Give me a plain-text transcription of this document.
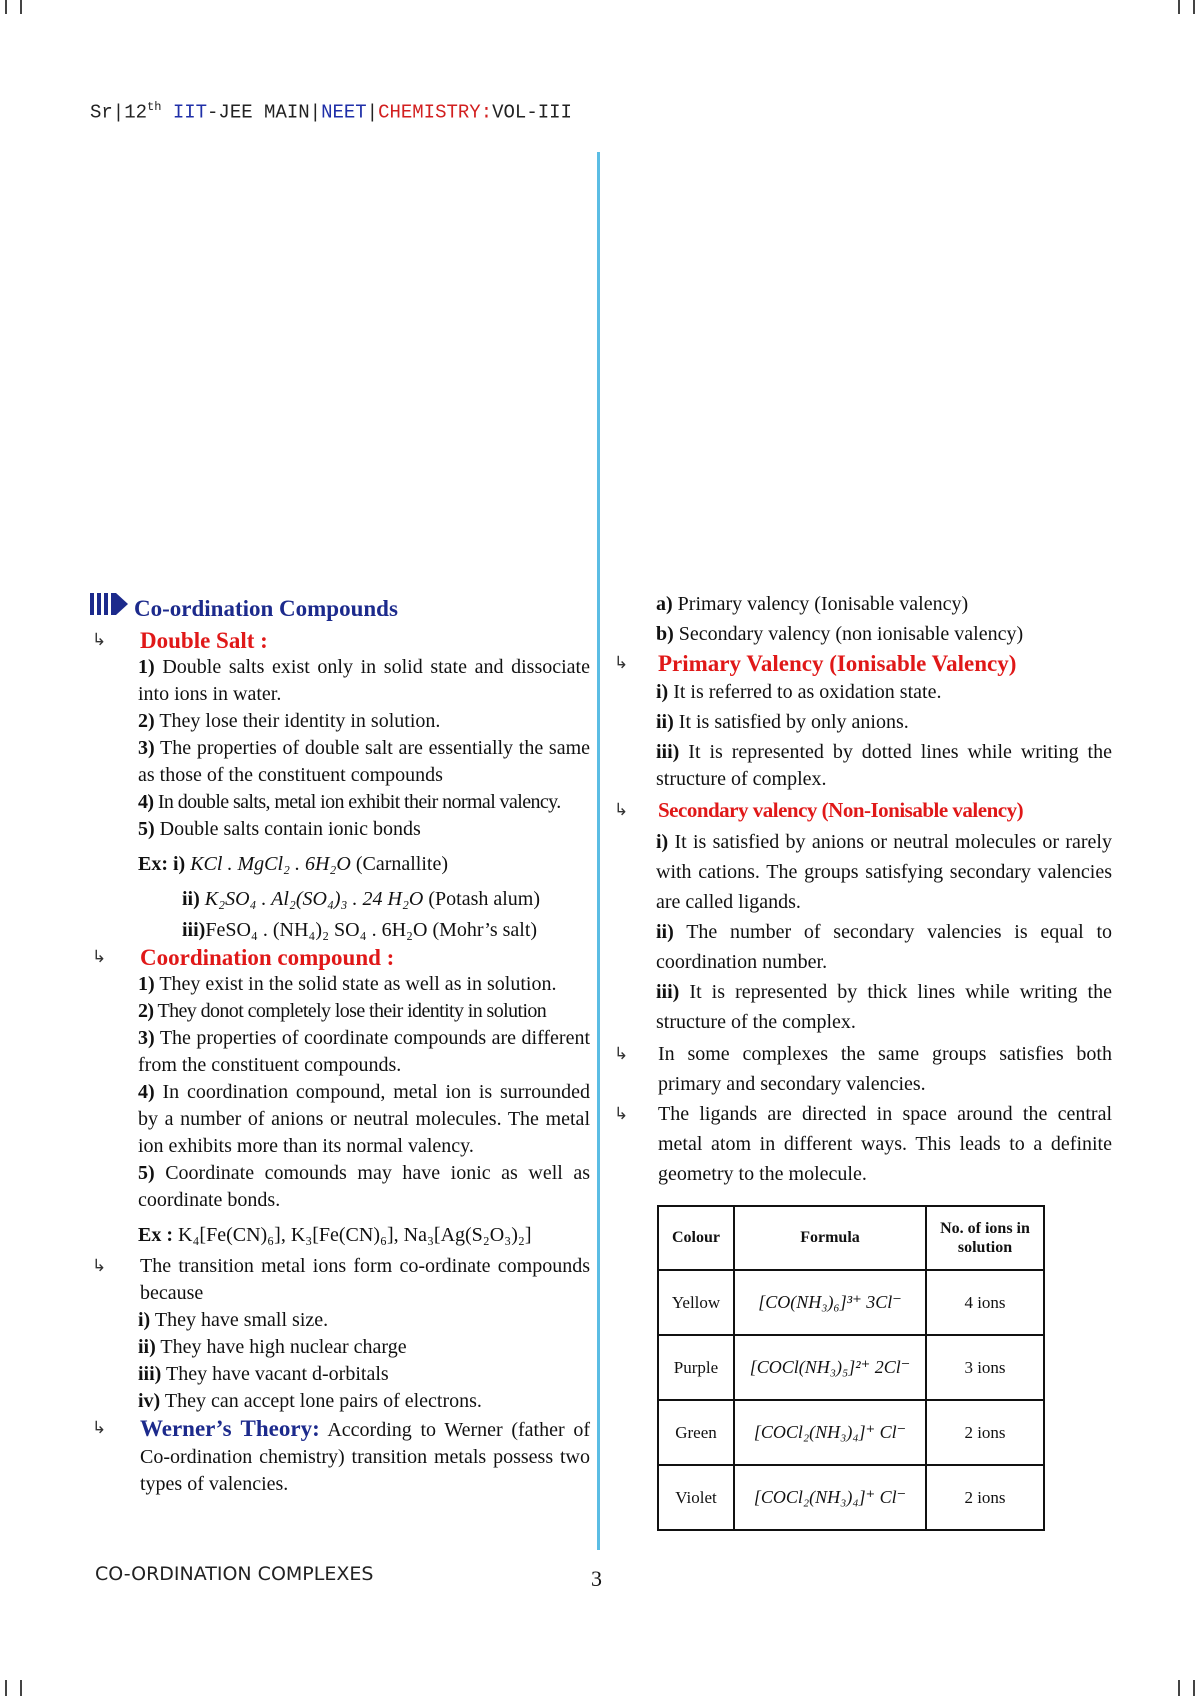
Sr|12th IIT-JEE MAIN|NEET|CHEMISTRY:VOL-III
Co-ordination Compounds
↳	Double Salt :
1) Double salts exist only in solid state and dissociate into ions in water.
2) They lose their identity in solution.
3) The properties of double salt are essentially the same as those of the constituent compounds
4) In double salts, metal ion exhibit their normal valency.
5) Double salts contain ionic bonds
Ex: i) KCl . MgCl₂ . 6H₂O (Carnallite)
ii) K₂SO₄ . Al₂(SO₄)₃ . 24 H₂O (Potash alum)
iii)FeSO₄ . (NH₄)₂ SO₄ . 6H₂O (Mohr’s salt)
↳	Coordination compound :
1) They exist in the solid state as well as in solution.
2) They donot completely lose their identity in solution
3) The properties of coordinate compounds are different from the constituent compounds.
4) In coordination compound, metal ion is surrounded by a number of anions or neutral molecules. The metal ion exhibits more than its normal valency.
5) Coordinate comounds may have ionic as well as coordinate bonds.
Ex : K₄[Fe(CN)₆], K₃[Fe(CN)₆], Na₃[Ag(S₂O₃)₂]
↳	The transition metal ions form co-ordinate compounds because
i) They have small size.
ii) They have high nuclear charge
iii) They have vacant d-orbitals
iv) They can accept lone pairs of electrons.
↳	Werner’s Theory: According to Werner (father of Co-ordination chemistry) transition metals possess two types of valencies.
a) Primary valency (Ionisable valency)
b) Secondary valency (non ionisable valency)
↳	Primary Valency (Ionisable Valency)
i) It is referred to as oxidation state.
ii) It is satisfied by only anions.
iii) It is represented by dotted lines while writing the structure of complex.
↳	Secondary valency (Non-Ionisable valency)
i) It is satisfied by anions or neutral molecules or rarely with cations. The groups satisfying secondary valencies are called ligands.
ii) The number of secondary valencies is equal to coordination number.
iii) It is represented by thick lines while writing the structure of the complex.
↳	In some complexes the same groups satisfies both primary and secondary valencies.
↳	The ligands are directed in space around the central metal atom in different ways. This leads to a definite geometry to the molecule.
Colour	Formula	No. of ions in solution
Yellow	[CO(NH₃)₆]³⁺ 3Cl⁻	4 ions
Purple	[COCl(NH₃)₅]²⁺ 2Cl⁻	3 ions
Green	[COCl₂(NH₃)₄]⁺ Cl⁻	2 ions
Violet	[COCl₂(NH₃)₄]⁺ Cl⁻	2 ions
CO-ORDINATION COMPLEXES	3
